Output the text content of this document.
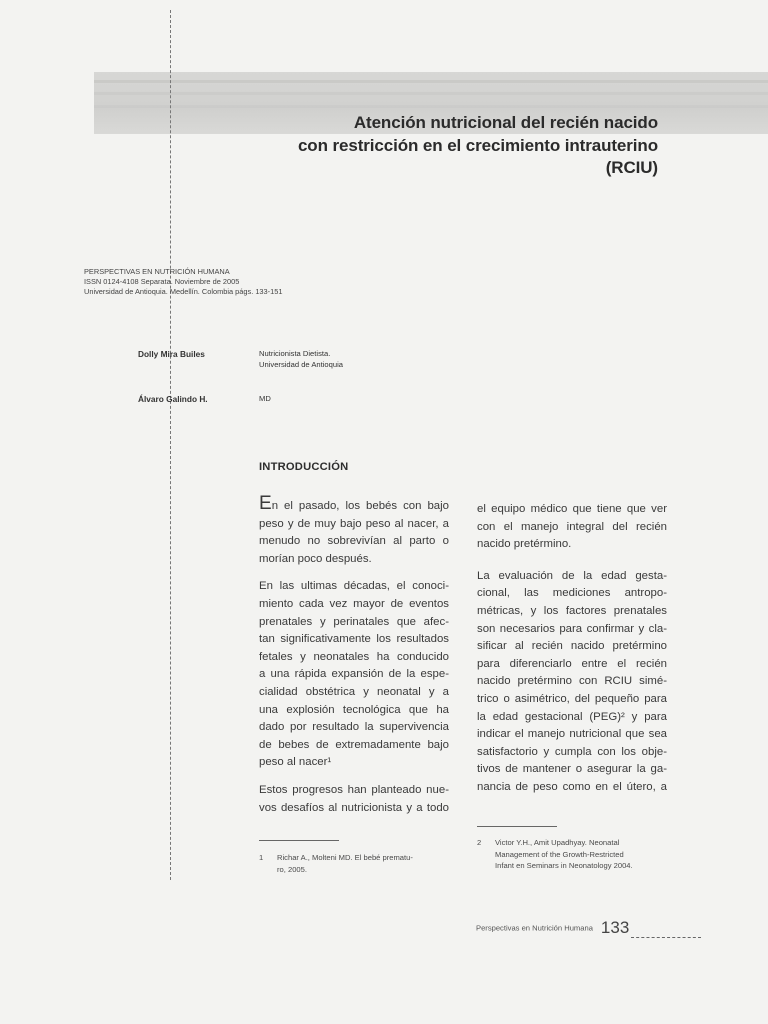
Atención nutricional del recién nacido
con restricción en el crecimiento intrauterino
(RCIU)
PERSPECTIVAS EN NUTRICIÓN HUMANA
ISSN 0124-4108 Separata. Noviembre de 2005
Universidad de Antioquia. Medellín. Colombia págs. 133-151
Dolly Mira Builes	Nutricionista Dietista.
Universidad de Antioquia
Álvaro Galindo H.	MD
INTRODUCCIÓN

En el pasado, los bebés con bajo
peso y de muy bajo peso al nacer, a
menudo no sobrevivían al parto o
morían poco después.

En las ultimas décadas, el conoci-
miento cada vez mayor de eventos
prenatales y perinatales que afec-
tan significativamente los resultados
fetales y neonatales ha conducido
a una rápida expansión de la espe-
cialidad obstétrica y neonatal y a
una explosión tecnológica que ha
dado por resultado la supervivencia
de bebes de extremadamente bajo
peso al nacer¹

Estos progresos han planteado nue-
vos desafíos al nutricionista y a todo

el equipo médico que tiene que ver
con el manejo integral del recién
nacido pretérmino.

La evaluación de la edad gesta-
cional, las mediciones antropo-
métricas, y los factores prenatales
son necesarios para confirmar y cla-
sificar al recién nacido pretérmino
para diferenciarlo entre el recién
nacido pretérmino con RCIU simé-
trico o asimétrico, del pequeño para
la edad gestacional (PEG)² y para
indicar el manejo nutricional que sea
satisfactorio y cumpla con los obje-
tivos de mantener o asegurar la ga-
nancia de peso como en el útero, a

1 Richar A., Molteni MD. El bebé prematu-
ro, 2005.
2 Victor Y.H., Amit Upadhyay. Neonatal
Management of the Growth-Restricted
Infant en Seminars in Neonatology 2004.
Perspectivas en Nutrición Humana 133
